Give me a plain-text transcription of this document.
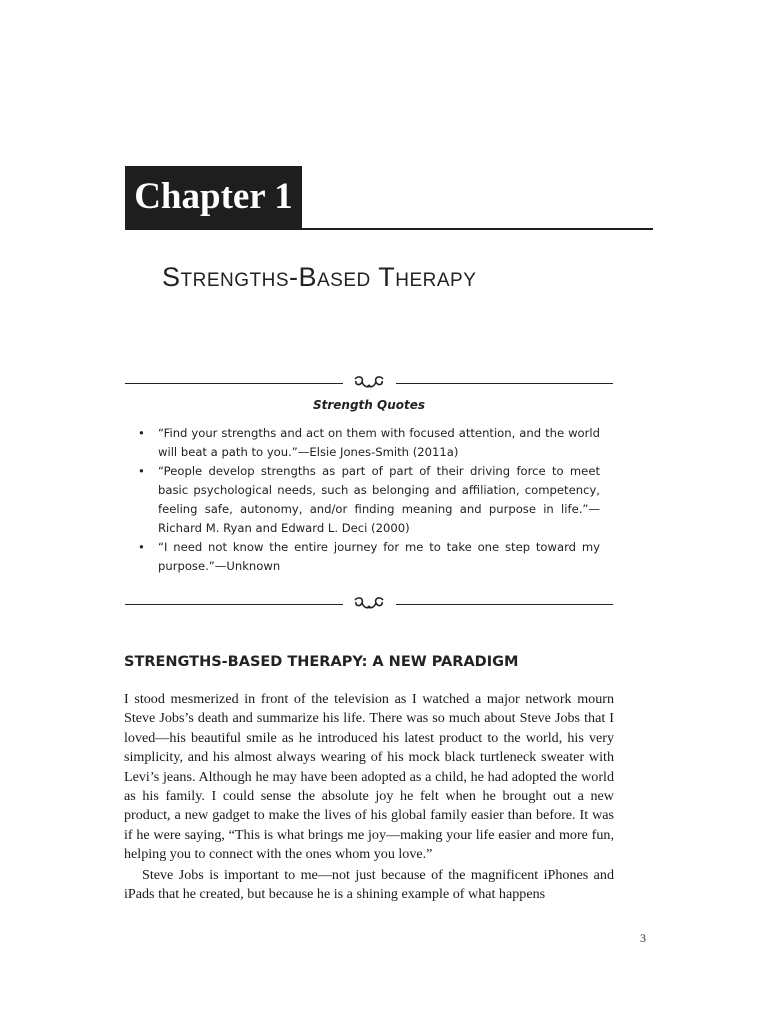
Chapter 1
Strengths-Based Therapy
Strength Quotes
• “Find your strengths and act on them with focused attention, and the world will beat a path to you.”—Elsie Jones-Smith (2011a)
• “People develop strengths as part of part of their driving force to meet basic psychological needs, such as belonging and affiliation, competency, feeling safe, autonomy, and/or finding meaning and purpose in life.”—Richard M. Ryan and Edward L. Deci (2000)
• “I need not know the entire journey for me to take one step toward my purpose.”—Unknown
STRENGTHS-BASED THERAPY: A NEW PARADIGM

I stood mesmerized in front of the television as I watched a major network mourn Steve Jobs’s death and summarize his life. There was so much about Steve Jobs that I loved—his beautiful smile as he introduced his latest product to the world, his very simplicity, and his almost always wearing of his mock black turtleneck sweater with Levi’s jeans. Although he may have been adopted as a child, he had adopted the world as his family. I could sense the absolute joy he felt when he brought out a new product, a new gadget to make the lives of his global family easier than before. It was if he were saying, “This is what brings me joy—making your life easier and more fun, helping you to connect with the ones whom you love.”

Steve Jobs is important to me—not just because of the magnificent iPhones and iPads that he created, but because he is a shining example of what happens

3
